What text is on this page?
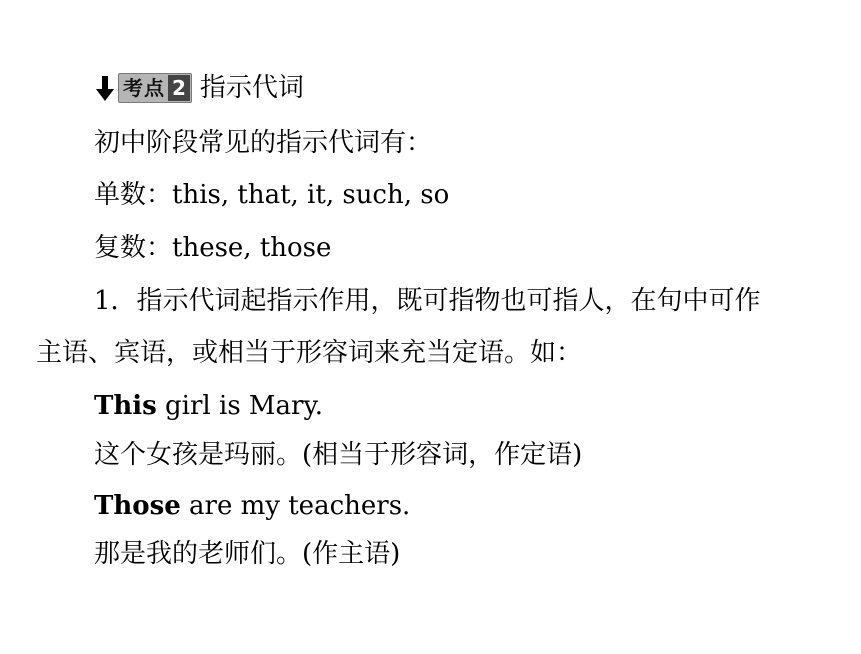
考点 2 指示代词
初中阶段常见的指示代词有：
单数：this, that, it, such, so
复数：these, those
1．指示代词起指示作用，既可指物也可指人，在句中可作
主语、宾语，或相当于形容词来充当定语。如：
This girl is Mary.
这个女孩是玛丽。(相当于形容词，作定语)
Those are my teachers.
那是我的老师们。(作主语)
